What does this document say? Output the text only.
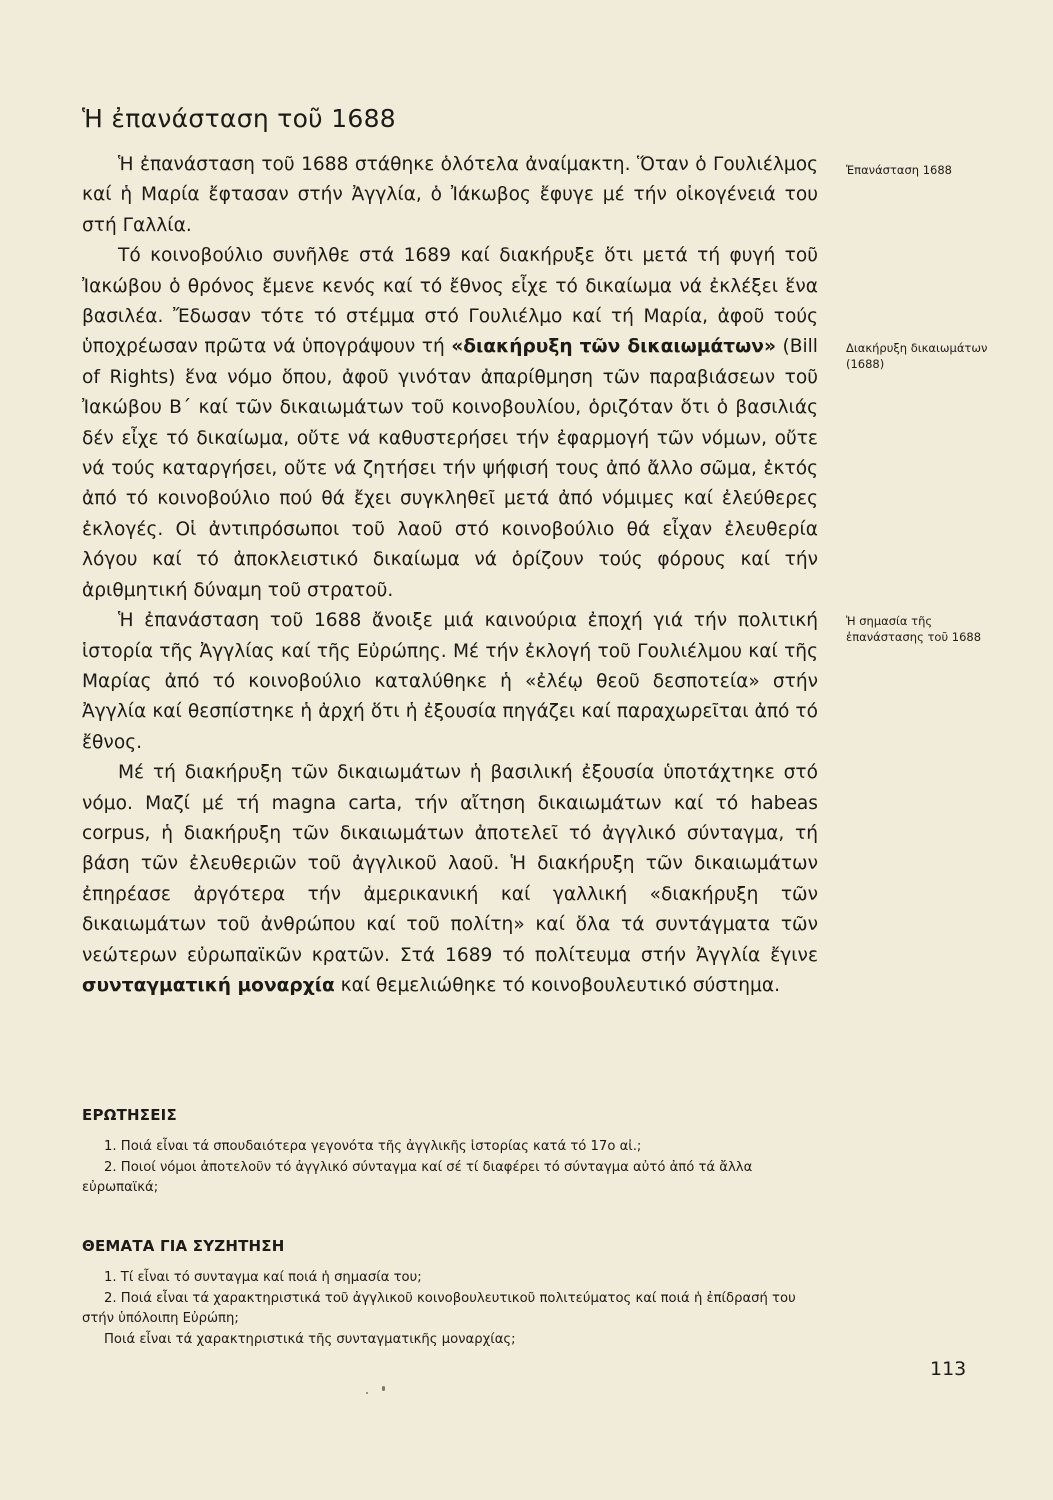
Ἡ ἐπανάσταση τοῦ 1688

Ἡ ἐπανάσταση τοῦ 1688 στάθηκε ὁλότελα ἀναίμακτη. Ὅταν ὁ Γουλιέλμος καί ἡ Μαρία ἔφτασαν στήν Ἀγγλία, ὁ Ἰάκωβος ἔφυγε μέ τήν οἰκογένειά του στή Γαλλία.

Τό κοινοβούλιο συνῆλθε στά 1689 καί διακήρυξε ὅτι μετά τή φυγή τοῦ Ἰακώβου ὁ θρόνος ἔμενε κενός καί τό ἔθνος εἶχε τό δικαίωμα νά ἐκλέξει ἕνα βασιλέα. Ἔδωσαν τότε τό στέμμα στό Γουλιέλμο καί τή Μαρία, ἀφοῦ τούς ὑποχρέωσαν πρῶτα νά ὑπογράψουν τή «διακήρυξη τῶν δικαιωμάτων» (Bill of Rights) ἕνα νόμο ὅπου, ἀφοῦ γινόταν ἀπαρίθμηση τῶν παραβιάσεων τοῦ Ἰακώβου Β΄ καί τῶν δικαιωμάτων τοῦ κοινοβουλίου, ὁριζόταν ὅτι ὁ βασιλιάς δέν εἶχε τό δικαίωμα, οὔτε νά καθυστερήσει τήν ἐφαρμογή τῶν νόμων, οὔτε νά τούς καταργήσει, οὔτε νά ζητήσει τήν ψήφισή τους ἀπό ἄλλο σῶμα, ἐκτός ἀπό τό κοινοβούλιο πού θά ἔχει συγκληθεῖ μετά ἀπό νόμιμες καί ἐλεύθερες ἐκλογές. Οἱ ἀντιπρόσωποι τοῦ λαοῦ στό κοινοβούλιο θά εἶχαν ἐλευθερία λόγου καί τό ἀποκλειστικό δικαίωμα νά ὁρίζουν τούς φόρους καί τήν ἀριθμητική δύναμη τοῦ στρατοῦ.

Ἡ ἐπανάσταση τοῦ 1688 ἄνοιξε μιά καινούρια ἐποχή γιά τήν πολιτική ἱστορία τῆς Ἀγγλίας καί τῆς Εὐρώπης. Μέ τήν ἐκλογή τοῦ Γουλιέλμου καί τῆς Μαρίας ἀπό τό κοινοβούλιο καταλύθηκε ἡ «ἐλέῳ θεοῦ δεσποτεία» στήν Ἀγγλία καί θεσπίστηκε ἡ ἀρχή ὅτι ἡ ἐξουσία πηγάζει καί παραχωρεῖται ἀπό τό ἔθνος.

Μέ τή διακήρυξη τῶν δικαιωμάτων ἡ βασιλική ἐξουσία ὑποτάχτηκε στό νόμο. Μαζί μέ τή magna carta, τήν αἴτηση δικαιωμάτων καί τό habeas corpus, ἡ διακήρυξη τῶν δικαιωμάτων ἀποτελεῖ τό ἀγγλικό σύνταγμα, τή βάση τῶν ἐλευθεριῶν τοῦ ἀγγλικοῦ λαοῦ. Ἡ διακήρυξη τῶν δικαιωμάτων ἐπηρέασε ἀργότερα τήν ἀμερικανική καί γαλλική «διακήρυξη τῶν δικαιωμάτων τοῦ ἀνθρώπου καί τοῦ πολίτη» καί ὅλα τά συντάγματα τῶν νεώτερων εὐρωπαϊκῶν κρατῶν. Στά 1689 τό πολίτευμα στήν Ἀγγλία ἔγινε συνταγματική μοναρχία καί θεμελιώθηκε τό κοινοβουλευτικό σύστημα.

Ἐπανάσταση 1688
Διακήρυξη δικαιωμάτων (1688)
Ἡ σημασία τῆς ἐπανάστασης τοῦ 1688
ΕΡΩΤΗΣΕΙΣ
1. Ποιά εἶναι τά σπουδαιότερα γεγονότα τῆς ἀγγλικῆς ἱστορίας κατά τό 17ο αἰ.;
2. Ποιοί νόμοι ἀποτελοῦν τό ἀγγλικό σύνταγμα καί σέ τί διαφέρει τό σύνταγμα αὐτό ἀπό τά ἄλλα εὐρωπαϊκά;
ΘΕΜΑΤΑ ΓΙΑ ΣΥΖΗΤΗΣΗ
1. Τί εἶναι τό συνταγμα καί ποιά ἡ σημασία του;
2. Ποιά εἶναι τά χαρακτηριστικά τοῦ ἀγγλικοῦ κοινοβουλευτικοῦ πολιτεύματος καί ποιά ἡ ἐπίδρασή του στήν ὑπόλοιπη Εὐρώπη;
Ποιά εἶναι τά χαρακτηριστικά τῆς συνταγματικῆς μοναρχίας;
113
